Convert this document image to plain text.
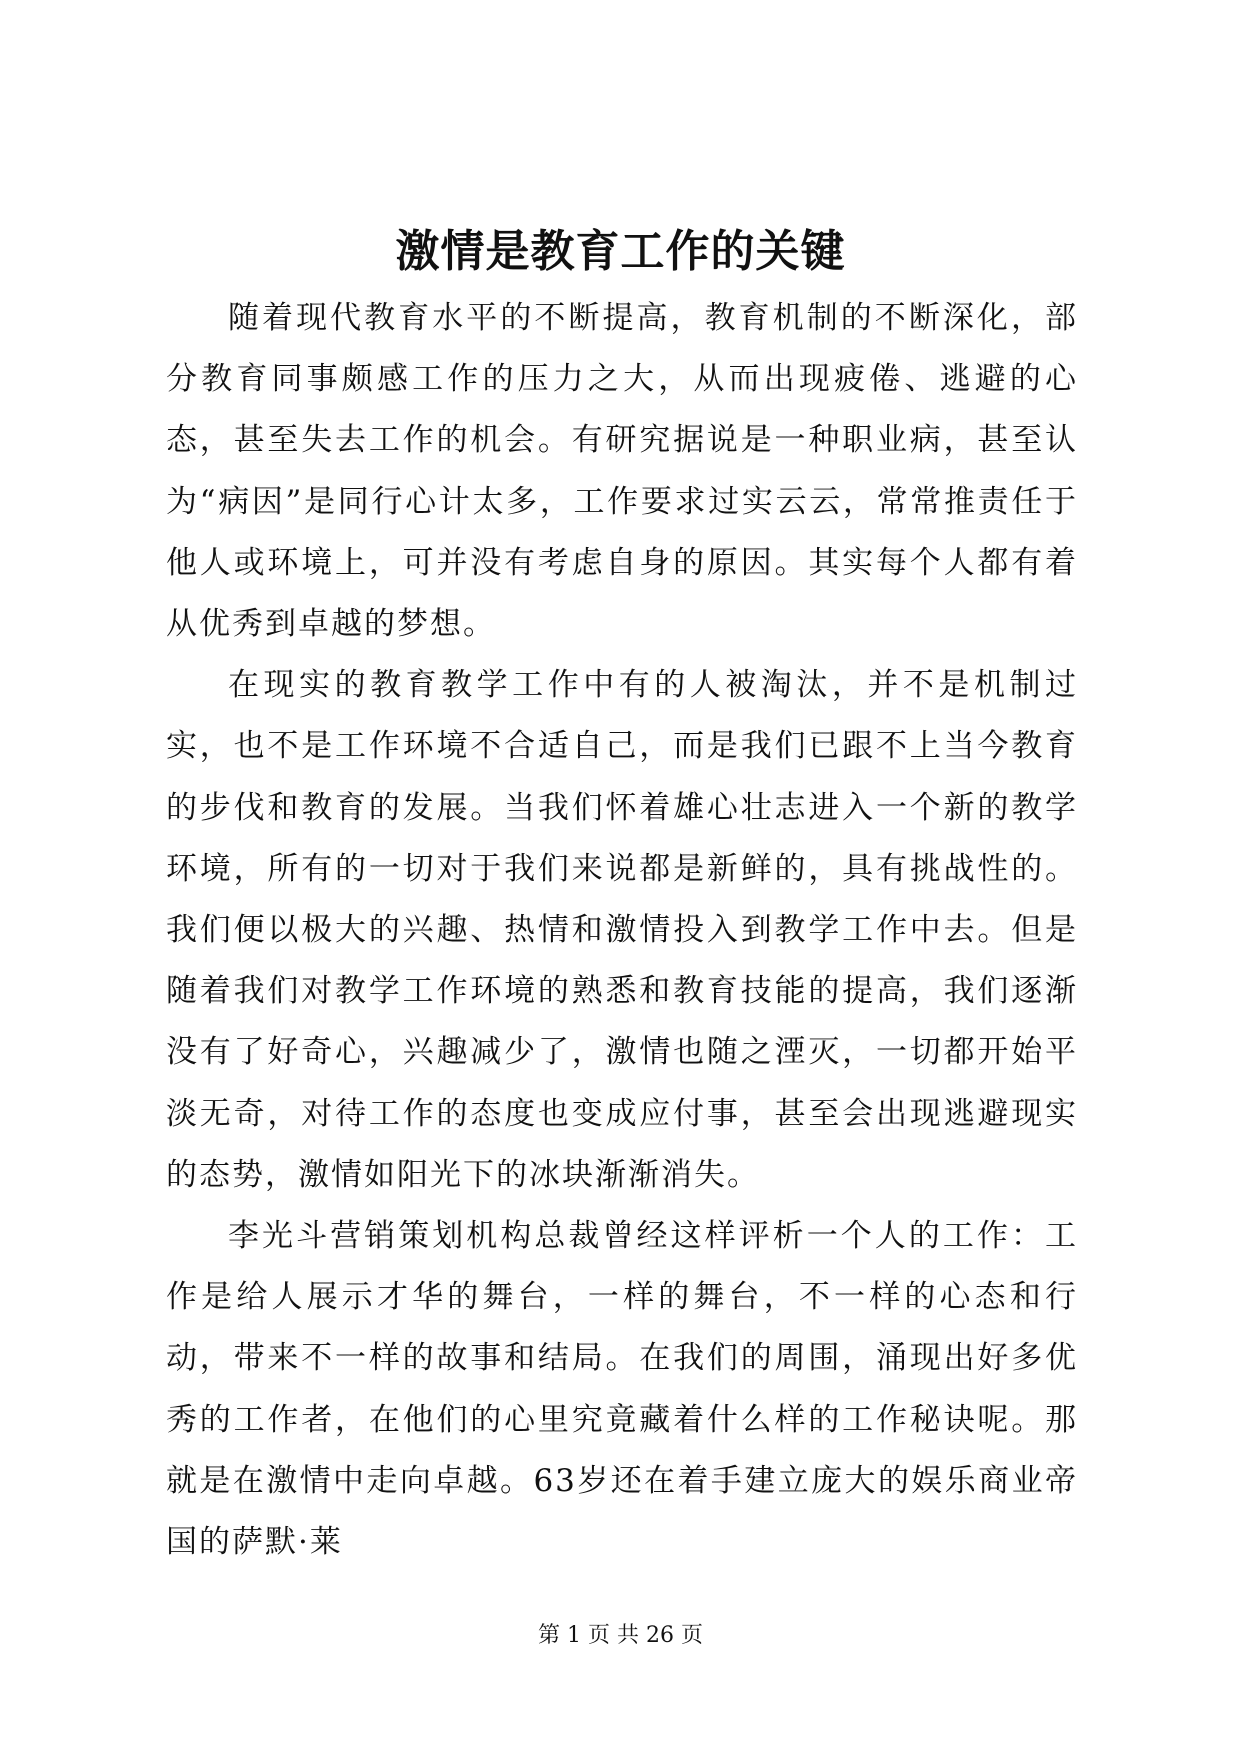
激情是教育工作的关键

随着现代教育水平的不断提高，教育机制的不断深化，部分教育同事颇感工作的压力之大，从而出现疲倦、逃避的心态，甚至失去工作的机会。有研究据说是一种职业病，甚至认为“病因”是同行心计太多，工作要求过实云云，常常推责任于他人或环境上，可并没有考虑自身的原因。其实每个人都有着从优秀到卓越的梦想。

在现实的教育教学工作中有的人被淘汰，并不是机制过实，也不是工作环境不合适自己，而是我们已跟不上当今教育的步伐和教育的发展。当我们怀着雄心壮志进入一个新的教学环境，所有的一切对于我们来说都是新鲜的，具有挑战性的。我们便以极大的兴趣、热情和激情投入到教学工作中去。但是随着我们对教学工作环境的熟悉和教育技能的提高，我们逐渐没有了好奇心，兴趣减少了，激情也随之湮灭，一切都开始平淡无奇，对待工作的态度也变成应付事，甚至会出现逃避现实的态势，激情如阳光下的冰块渐渐消失。

李光斗营销策划机构总裁曾经这样评析一个人的工作：工作是给人展示才华的舞台，一样的舞台，不一样的心态和行动，带来不一样的故事和结局。在我们的周围，涌现出好多优秀的工作者，在他们的心里究竟藏着什么样的工作秘诀呢。那就是在激情中走向卓越。63岁还在着手建立庞大的娱乐商业帝国的萨默·莱

第 1 页 共 26 页
